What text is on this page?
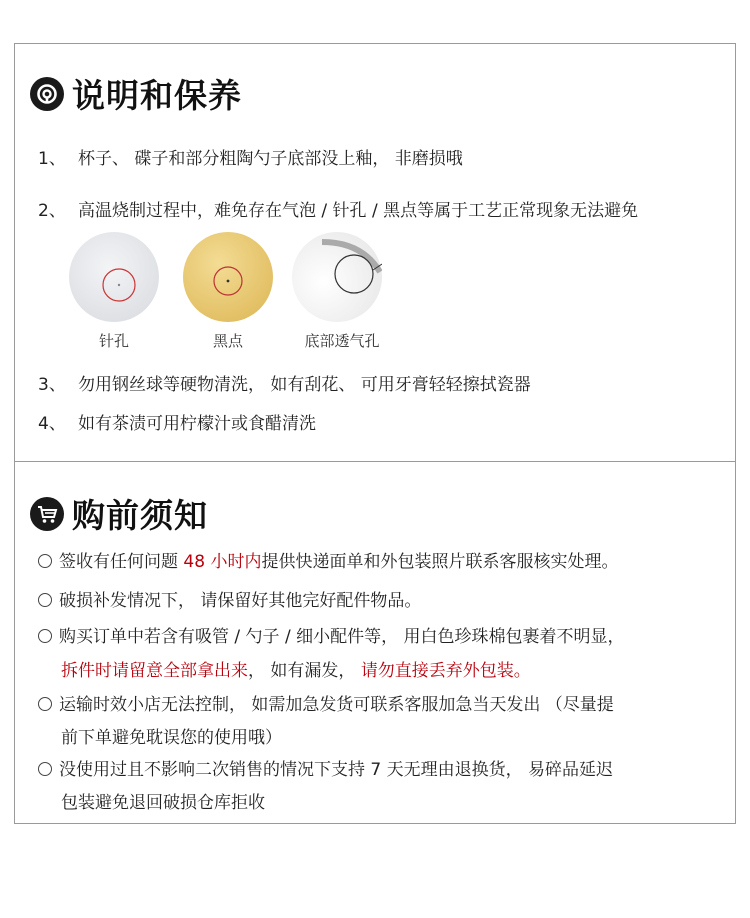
说明和保养
1、 杯子、 碟子和部分粗陶勺子底部没上釉， 非磨损哦
2、 高温烧制过程中，难免存在气泡 / 针孔 / 黑点等属于工艺正常现象无法避免
针孔	黑点	底部透气孔
3、 勿用钢丝球等硬物清洗， 如有刮花、 可用牙膏轻轻擦拭瓷器
4、 如有茶渍可用柠檬汁或食醋清洗
购前须知
签收有任何问题 48 小时内提供快递面单和外包装照片联系客服核实处理。
破损补发情况下， 请保留好其他完好配件物品。
购买订单中若含有吸管 / 勺子 / 细小配件等， 用白色珍珠棉包裹着不明显，
拆件时请留意全部拿出来， 如有漏发， 请勿直接丢弃外包装。
运输时效小店无法控制， 如需加急发货可联系客服加急当天发出 （尽量提
前下单避免耽误您的使用哦）
没使用过且不影响二次销售的情况下支持 7 天无理由退换货， 易碎品延迟
包装避免退回破损仓库拒收
